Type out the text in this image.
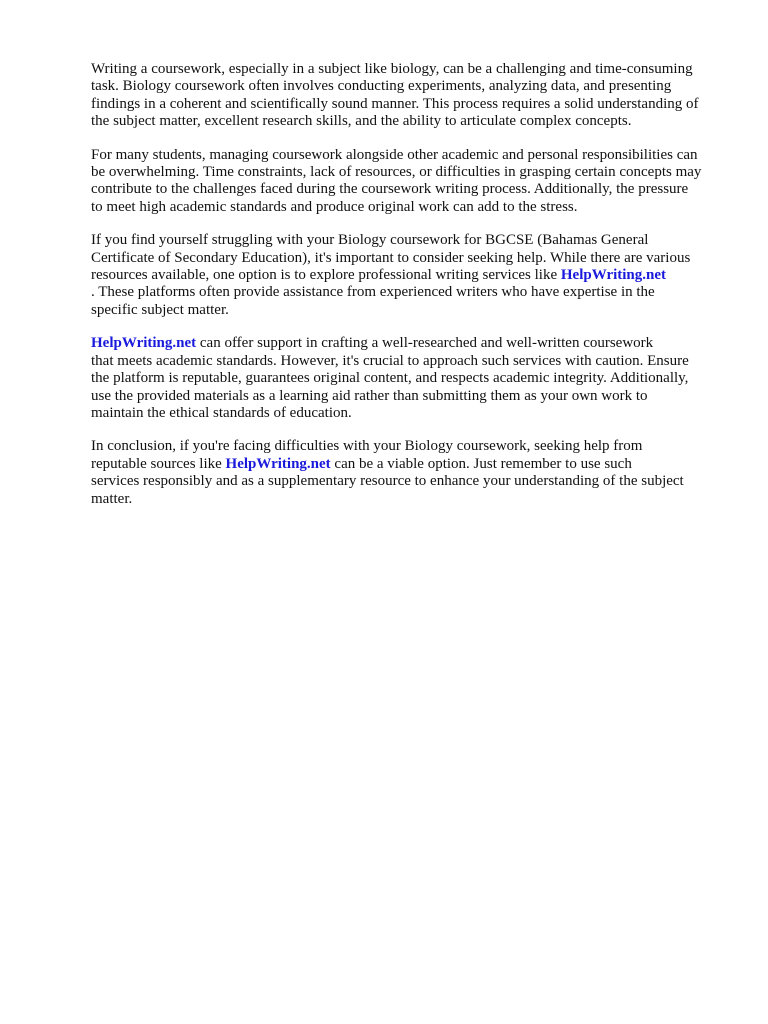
Writing a coursework, especially in a subject like biology, can be a challenging and time-consuming
task. Biology coursework often involves conducting experiments, analyzing data, and presenting
findings in a coherent and scientifically sound manner. This process requires a solid understanding of
the subject matter, excellent research skills, and the ability to articulate complex concepts.

For many students, managing coursework alongside other academic and personal responsibilities can
be overwhelming. Time constraints, lack of resources, or difficulties in grasping certain concepts may
contribute to the challenges faced during the coursework writing process. Additionally, the pressure
to meet high academic standards and produce original work can add to the stress.

If you find yourself struggling with your Biology coursework for BGCSE (Bahamas General
Certificate of Secondary Education), it's important to consider seeking help. While there are various
resources available, one option is to explore professional writing services like HelpWriting.net
. These platforms often provide assistance from experienced writers who have expertise in the
specific subject matter.

HelpWriting.net can offer support in crafting a well-researched and well-written coursework
that meets academic standards. However, it's crucial to approach such services with caution. Ensure
the platform is reputable, guarantees original content, and respects academic integrity. Additionally,
use the provided materials as a learning aid rather than submitting them as your own work to
maintain the ethical standards of education.

In conclusion, if you're facing difficulties with your Biology coursework, seeking help from
reputable sources like HelpWriting.net can be a viable option. Just remember to use such
services responsibly and as a supplementary resource to enhance your understanding of the subject
matter.
